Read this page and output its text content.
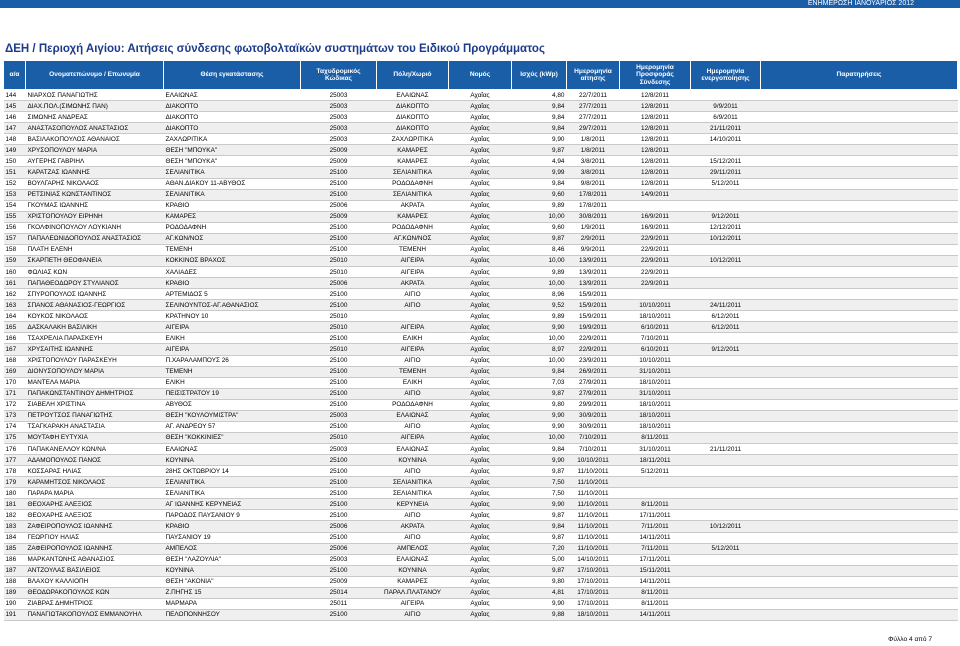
ΕΝΗΜΕΡΩΣΗ ΙΑΝΟΥΑΡΙΟΣ 2012
ΔΕΗ / Περιοχή Αιγίου: Αιτήσεις σύνδεσης φωτοβολταϊκών συστημάτων του Ειδικού Προγράμματος
α/α	Ονοματεπώνυμο / Επωνυμία	Θέση εγκατάστασης	Ταχυδρομικός Κώδικας	Πόλη/Χωριό	Νομός	Ισχύς (kWp)	Ημερομηνία αίτησης	Ημερομηνία Προσφοράς Σύνδεσης	Ημερομηνία ενεργοποίησης	Παρατηρήσεις
144	ΝΙΑΡΧΟΣ ΠΑΝΑΓΙΩΤΗΣ	ΕΛΑΙΩΝΑΣ	25003	ΕΛΑΙΩΝΑΣ	Αχαΐας	4,80	22/7/2011	12/8/2011		
145	ΔΙΑΧ.ΠΟΛ.(ΣΙΜΩΝΗΣ ΠΑΝ)	ΔΙΑΚΟΠΤΟ	25003	ΔΙΑΚΟΠΤΟ	Αχαΐας	9,84	27/7/2011	12/8/2011	9/9/2011	
146	ΣΙΜΩΝΗΣ ΑΝΔΡΕΑΣ	ΔΙΑΚΟΠΤΟ	25003	ΔΙΑΚΟΠΤΟ	Αχαΐας	9,84	27/7/2011	12/8/2011	6/9/2011	
147	ΑΝΑΣΤΑΣΟΠΟΥΛΟΣ ΑΝΑΣΤΑΣΙΟΣ	ΔΙΑΚΟΠΤΟ	25003	ΔΙΑΚΟΠΤΟ	Αχαΐας	9,84	29/7/2011	12/8/2011	21/11/2011	
148	ΒΑΣΙΛΑΚΟΠΟΥΛΟΣ ΑΘΑΝΑΙΟΣ	ΖΑΧΛΩΡΙΤΙΚΑ	25003	ΖΑΧΛΩΡΙΤΙΚΑ	Αχαΐας	9,90	1/8/2011	12/8/2011	14/10/2011	
149	ΧΡΥΣΟΠΟΥΛΟΥ ΜΑΡΙΑ	ΘΕΣΗ "ΜΠΟΥΚΑ"	25009	ΚΑΜΑΡΕΣ	Αχαΐας	9,87	1/8/2011	12/8/2011		
150	ΑΥΓΕΡΗΣ ΓΑΒΡΙΗΛ	ΘΕΣΗ "ΜΠΟΥΚΑ"	25009	ΚΑΜΑΡΕΣ	Αχαΐας	4,94	3/8/2011	12/8/2011	15/12/2011	
151	ΚΑΡΑΤΖΑΣ ΙΩΑΝΝΗΣ	ΣΕΛΙΑΝΙΤΙΚΑ	25100	ΣΕΛΙΑΝΙΤΙΚΑ	Αχαΐας	9,99	3/8/2011	12/8/2011	29/11/2011	
152	ΒΟΥΛΓΑΡΗΣ ΝΙΚΟΛΑΟΣ	ΑΘΑΝ.ΔΙΑΚΟΥ 11-ΑΒΥΘΟΣ	25100	ΡΟΔΟΔΑΦΝΗ	Αχαΐας	9,84	9/8/2011	12/8/2011	5/12/2011	
153	ΡΕΤΣΙΝΙΑΣ ΚΩΝΣΤΑΝΤΙΝΟΣ	ΣΕΛΙΑΝΙΤΙΚΑ	25100	ΣΕΛΙΑΝΙΤΙΚΑ	Αχαΐας	9,60	17/8/2011	14/9/2011		
154	ΓΚΟΥΜΑΣ ΙΩΑΝΝΗΣ	ΚΡΑΘΙΟ	25006	ΑΚΡΑΤΑ	Αχαΐας	9,89	17/8/2011			
155	ΧΡΙΣΤΟΠΟΥΛΟΥ ΕΙΡΗΝΗ	ΚΑΜΑΡΕΣ	25009	ΚΑΜΑΡΕΣ	Αχαΐας	10,00	30/8/2011	16/9/2011	9/12/2011	
156	ΓΚΟΛΦΙΝΟΠΟΥΛΟΥ ΛΟΥΚΙΑΝΗ	ΡΟΔΟΔΑΦΝΗ	25100	ΡΟΔΟΔΑΦΝΗ	Αχαΐας	9,60	1/9/2011	16/9/2011	12/12/2011	
157	ΠΑΠΑΛΕΩΝΙΔΟΠΟΥΛΟΣ ΑΝΑΣΤΑΣΙΟΣ	ΑΓ.ΚΩΝ/ΝΟΣ	25100	ΑΓ.ΚΩΝ/ΝΟΣ	Αχαΐας	9,87	2/9/2011	22/9/2011	10/12/2011	
158	ΠΛΑΤΗ ΕΛΕΝΗ	ΤΕΜΕΝΗ	25100	ΤΕΜΕΝΗ	Αχαΐας	8,46	9/9/2011	22/9/2011		
159	ΣΚΑΡΠΕΤΗ ΘΕΟΦΑΝΕΙΑ	ΚΟΚΚΙΝΟΣ ΒΡΑΧΟΣ	25010	ΑΙΓΕΙΡΑ	Αχαΐας	10,00	13/9/2011	22/9/2011	10/12/2011	
160	ΦΩΛΙΑΣ ΚΩΝ	ΧΑΛΙΑΔΕΣ	25010	ΑΙΓΕΙΡΑ	Αχαΐας	9,89	13/9/2011	22/9/2011		
161	ΠΑΠΑΘΕΟΔΩΡΟΥ ΣΤΥΛΙΑΝΟΣ	ΚΡΑΘΙΟ	25006	ΑΚΡΑΤΑ	Αχαΐας	10,00	13/9/2011	22/9/2011		
162	ΣΠΥΡΟΠΟΥΛΟΣ ΙΩΑΝΝΗΣ	ΑΡΤΕΜΙΔΟΣ 5	25100	ΑΙΓΙΟ	Αχαΐας	8,96	15/9/2011			
163	ΣΠΑΝΟΣ ΑΘΑΝΑΣΙΟΣ-ΓΕΩΡΓΙΟΣ	ΣΕΛΙΝΟΥΝΤΟΣ-ΑΓ.ΑΘΑΝΑΣΙΟΣ	25100	ΑΙΓΙΟ	Αχαΐας	9,52	15/9/2011	10/10/2011	24/11/2011	
164	ΚΟΥΚΟΣ ΝΙΚΟΛΑΟΣ	ΚΡΑΤΗΝΟΥ 10	25010		Αχαΐας	9,89	15/9/2011	18/10/2011	6/12/2011	
165	ΔΑΣΚΑΛΑΚΗ ΒΑΣΙΛΙΚΗ	ΑΙΓΕΙΡΑ	25010	ΑΙΓΕΙΡΑ	Αχαΐας	9,90	19/9/2011	6/10/2011	6/12/2011	
166	ΤΣΑΧΡΕΛΙΑ ΠΑΡΑΣΚΕΥΗ	ΕΛΙΚΗ	25100	ΕΛΙΚΗ	Αχαΐας	10,00	22/9/2011	7/10/2011		
167	ΧΡΥΣΑΙΤΗΣ ΙΩΑΝΝΗΣ	ΑΙΓΕΙΡΑ	25010	ΑΙΓΕΙΡΑ	Αχαΐας	8,97	22/9/2011	6/10/2011	9/12/2011	
168	ΧΡΙΣΤΟΠΟΥΛΟΥ ΠΑΡΑΣΚΕΥΗ	Π.ΧΑΡΑΛΑΜΠΟΥΣ 26	25100	ΑΙΓΙΟ	Αχαΐας	10,00	23/9/2011	10/10/2011		
169	ΔΙΟΝΥΣΟΠΟΥΛΟΥ ΜΑΡΙΑ	ΤΕΜΕΝΗ	25100	ΤΕΜΕΝΗ	Αχαΐας	9,84	26/9/2011	31/10/2011		
170	ΜΑΝΤΕΛΑ ΜΑΡΙΑ	ΕΛΙΚΗ	25100	ΕΛΙΚΗ	Αχαΐας	7,03	27/9/2011	18/10/2011		
171	ΠΑΠΑΚΩΝΣΤΑΝΤΙΝΟΥ ΔΗΜΗΤΡΙΟΣ	ΠΕΙΣΙΣΤΡΑΤΟΥ 19	25100	ΑΙΓΙΟ	Αχαΐας	9,87	27/9/2011	31/10/2011		
172	ΣΙΑΒΕΛΗ ΧΡΙΣΤΙΝΑ	ΑΒΥΘΟΣ	25100	ΡΟΔΟΔΑΦΝΗ	Αχαΐας	9,80	29/9/2011	18/10/2011		
173	ΠΕΤΡΟΥΤΣΟΣ ΠΑΝΑΓΙΩΤΗΣ	ΘΕΣΗ "ΚΟΥΛΟΥΜΙΣΤΡΑ"	25003	ΕΛΑΙΩΝΑΣ	Αχαΐας	9,90	30/9/2011	18/10/2011		
174	ΤΣΑΓΚΑΡΑΚΗ ΑΝΑΣΤΑΣΙΑ	ΑΓ. ΑΝΔΡΕΟΥ 57	25100	ΑΙΓΙΟ	Αχαΐας	9,90	30/9/2011	18/10/2011		
175	ΜΟΥΤΑΦΗ ΕΥΤΥΧΙΑ	ΘΕΣΗ "ΚΟΚΚΙΝΙΕΣ"	25010	ΑΙΓΕΙΡΑ	Αχαΐας	10,00	7/10/2011	8/11/2011		
176	ΠΑΠΑΚΑΝΕΛΛΟΥ ΚΩΝ/ΝΑ	ΕΛΑΙΩΝΑΣ	25003	ΕΛΑΙΩΝΑΣ	Αχαΐας	9,84	7/10/2011	31/10/2011	21/11/2011	
177	ΑΔΑΜΟΠΟΥΛΟΣ ΠΑΝΟΣ	ΚΟΥΝΙΝΑ	25100	ΚΟΥΝΙΝΑ	Αχαΐας	9,90	10/10/2011	18/11/2011		
178	ΚΟΣΣΑΡΑΣ ΗΛΙΑΣ	28ΗΣ ΟΚΤΩΒΡΙΟΥ 14	25100	ΑΙΓΙΟ	Αχαΐας	9,87	11/10/2011	5/12/2011		
179	ΚΑΡΑΜΗΤΣΟΣ ΝΙΚΟΛΑΟΣ	ΣΕΛΙΑΝΙΤΙΚΑ	25100	ΣΕΛΙΑΝΙΤΙΚΑ	Αχαΐας	7,50	11/10/2011			
180	ΠΑΡΑΡΑ ΜΑΡΙΑ	ΣΕΛΙΑΝΙΤΙΚΑ	25100	ΣΕΛΙΑΝΙΤΙΚΑ	Αχαΐας	7,50	11/10/2011			
181	ΘΕΟΧΑΡΗΣ ΑΛΕΞΙΟΣ	ΑΓ ΙΩΑΝΝΗΣ ΚΕΡΥΝΕΙΑΣ	25100	ΚΕΡΥΝΕΙΑ	Αχαΐας	9,90	11/10/2011	8/11/2011		
182	ΘΕΟΧΑΡΗΣ ΑΛΕΞΙΟΣ	ΠΑΡΟΔΟΣ ΠΑΥΣΑΝΙΟΥ 9	25100	ΑΙΓΙΟ	Αχαΐας	9,87	11/10/2011	17/11/2011		
183	ΖΑΦΕΙΡΟΠΟΥΛΟΣ ΙΩΑΝΝΗΣ	ΚΡΑΘΙΟ	25006	ΑΚΡΑΤΑ	Αχαΐας	9,84	11/10/2011	7/11/2011	10/12/2011	
184	ΓΕΩΡΓΙΟΥ ΗΛΙΑΣ	ΠΑΥΣΑΝΙΟΥ 19	25100	ΑΙΓΙΟ	Αχαΐας	9,87	11/10/2011	14/11/2011		
185	ΖΑΦΕΙΡΟΠΟΥΛΟΣ ΙΩΑΝΝΗΣ	ΑΜΠΕΛΟΣ	25006	ΑΜΠΕΛΟΣ	Αχαΐας	7,20	11/10/2011	7/11/2011	5/12/2011	
186	ΜΑΡΚΑΝΤΩΝΗΣ ΑΘΑΝΑΣΙΟΣ	ΘΕΣΗ "ΛΑΖΟΥΛΙΑ"	25003	ΕΛΑΙΩΝΑΣ	Αχαΐας	5,00	14/10/2011	17/11/2011		
187	ΑΝΤΖΟΥΛΑΣ ΒΑΣΙΛΕΙΟΣ	ΚΟΥΝΙΝΑ	25100	ΚΟΥΝΙΝΑ	Αχαΐας	9,87	17/10/2011	15/11/2011		
188	ΒΛΑΧΟΥ ΚΑΛΛΙΟΠΗ	ΘΕΣΗ "ΑΚΟΝΙΑ"	25009	ΚΑΜΑΡΕΣ	Αχαΐας	9,80	17/10/2011	14/11/2011		
189	ΘΕΟΔΩΡΑΚΟΠΟΥΛΟΣ ΚΩΝ	Ζ.ΠΗΓΗΣ 15	25014	ΠΑΡΑΛ.ΠΛΑΤΑΝΟΥ	Αχαΐας	4,81	17/10/2011	8/11/2011		
190	ΖΙΑΒΡΑΣ ΔΗΜΗΤΡΙΟΣ	ΜΑΡΜΑΡΑ	25011	ΑΙΓΕΙΡΑ	Αχαΐας	9,90	17/10/2011	8/11/2011		
191	ΠΑΝΑΓΙΩΤΑΚΟΠΟΥΛΟΣ ΕΜΜΑΝΟΥΗΛ	ΠΕΛΟΠΟΝΝΗΣΟΥ	25100	ΑΙΓΙΟ	Αχαΐας	9,88	18/10/2011	14/11/2011		
Φύλλο 4 από 7
